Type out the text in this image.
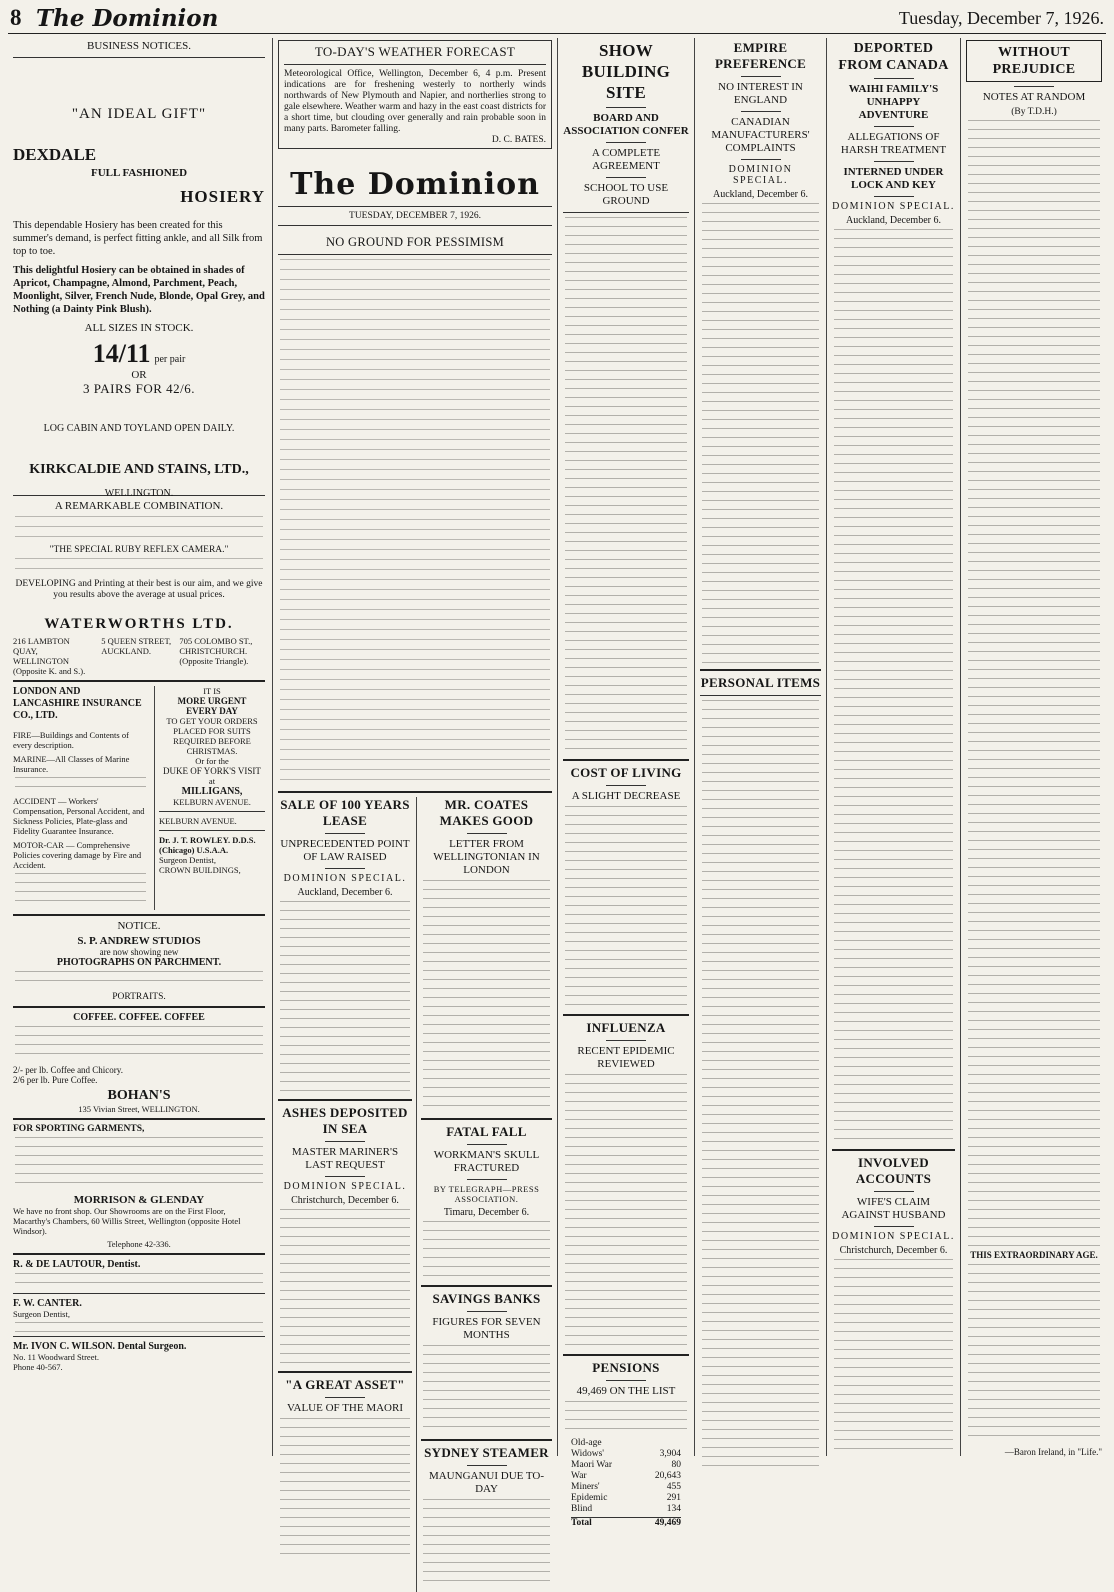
8 The Dominion	Tuesday, December 7, 1926.
BUSINESS NOTICES.
"AN IDEAL GIFT"
DEXDALE
FULL FASHIONED
HOSIERY
This dependable Hosiery has been created for this summer's demand, is perfect fitting ankle, and all Silk from top to toe.
This delightful Hosiery can be obtained in shades of Apricot, Champagne, Almond, Parchment, Peach, Moonlight, Silver, French Nude, Blonde, Opal Grey, and Nothing (a Dainty Pink Blush).
ALL SIZES IN STOCK.
14/11 per pair
OR
3 PAIRS FOR 42/6.
LOG CABIN AND TOYLAND OPEN DAILY.
KIRKCALDIE AND STAINS, LTD.,
WELLINGTON.
A REMARKABLE COMBINATION.
"THE SPECIAL RUBY REFLEX CAMERA."
DEVELOPING and Printing at their best is our aim, and we give you results above the average at usual prices.
WATERWORTHS LTD.
216 LAMBTON QUAY, WELLINGTON (Opposite K. and S.).
5 QUEEN STREET, AUCKLAND.
705 COLOMBO ST., CHRISTCHURCH. (Opposite Triangle).
LONDON AND LANCASHIRE INSURANCE CO., LTD.
FIRE—Buildings and Contents of every description.
MARINE—All Classes of Marine Insurance.
ACCIDENT — Workers' Compensation, Personal Accident, and Sickness Policies, Plate-glass and Fidelity Guarantee Insurance.
MOTOR-CAR — Comprehensive Policies covering damage by Fire and Accident.
IT IS
MORE URGENT
EVERY DAY
TO GET YOUR ORDERS PLACED FOR SUITS REQUIRED BEFORE CHRISTMAS.
Or for the
DUKE OF YORK'S VISIT
at
MILLIGANS,
KELBURN AVENUE.
KELBURN AVENUE.
Dr. J. T. ROWLEY. D.D.S. (Chicago) U.S.A.A.
Surgeon Dentist,
CROWN BUILDINGS,
NOTICE.
S. P. ANDREW STUDIOS
are now showing new
PHOTOGRAPHS ON PARCHMENT.
PORTRAITS.
COFFEE. COFFEE. COFFEE
2/- per lb. Coffee and Chicory.
2/6 per lb. Pure Coffee.
BOHAN'S
135 Vivian Street, WELLINGTON.
FOR SPORTING GARMENTS,
MORRISON & GLENDAY
We have no front shop. Our Showrooms are on the First Floor, Macarthy's Chambers, 60 Willis Street, Wellington (opposite Hotel Windsor).
Telephone 42-336.
R. & DE LAUTOUR, Dentist.
F. W. CANTER.
Surgeon Dentist,
Mr. IVON C. WILSON. Dental Surgeon.
No. 11 Woodward Street.
Phone 40-567.
TO-DAY'S WEATHER FORECAST
Meteorological Office, Wellington, December 6, 4 p.m. Present indications are for freshening westerly to northerly winds northwards of New Plymouth and Napier, and northerlies strong to gale elsewhere. Weather warm and hazy in the east coast districts for a short time, but clouding over generally and rain probable soon in many parts. Barometer falling.
D. C. BATES.
The Dominion
TUESDAY, DECEMBER 7, 1926.
NO GROUND FOR PESSIMISM
SALE OF 100 YEARS LEASE
UNPRECEDENTED POINT OF LAW RAISED
DOMINION SPECIAL.
Auckland, December 6.
ASHES DEPOSITED IN SEA
MASTER MARINER'S LAST REQUEST
DOMINION SPECIAL.
Christchurch, December 6.
"A GREAT ASSET"
VALUE OF THE MAORI
MR. COATES MAKES GOOD
LETTER FROM WELLINGTONIAN IN LONDON
FATAL FALL
WORKMAN'S SKULL FRACTURED
BY TELEGRAPH—PRESS ASSOCIATION.
Timaru, December 6.
SAVINGS BANKS
FIGURES FOR SEVEN MONTHS
SYDNEY STEAMER
MAUNGANUI DUE TO-DAY
SHOW BUILDING SITE
BOARD AND ASSOCIATION CONFER
A COMPLETE AGREEMENT
SCHOOL TO USE GROUND
COST OF LIVING
A SLIGHT DECREASE
INFLUENZA
RECENT EPIDEMIC REVIEWED
PENSIONS
49,469 ON THE LIST
Old-age
Widows'	3,904
Maori War	80
War	20,643
Miners'	455
Epidemic	291
Blind	134
Total	49,469
EMPIRE PREFERENCE
NO INTEREST IN ENGLAND
CANADIAN MANUFACTURERS' COMPLAINTS
DOMINION SPECIAL.
Auckland, December 6.
PERSONAL ITEMS
DEPORTED FROM CANADA
WAIHI FAMILY'S UNHAPPY ADVENTURE
ALLEGATIONS OF HARSH TREATMENT
INTERNED UNDER LOCK AND KEY
DOMINION SPECIAL.
Auckland, December 6.
INVOLVED ACCOUNTS
WIFE'S CLAIM AGAINST HUSBAND
DOMINION SPECIAL.
Christchurch, December 6.
WITHOUT PREJUDICE
NOTES AT RANDOM
(By T.D.H.)
THIS EXTRAORDINARY AGE.
—Baron Ireland, in "Life."
